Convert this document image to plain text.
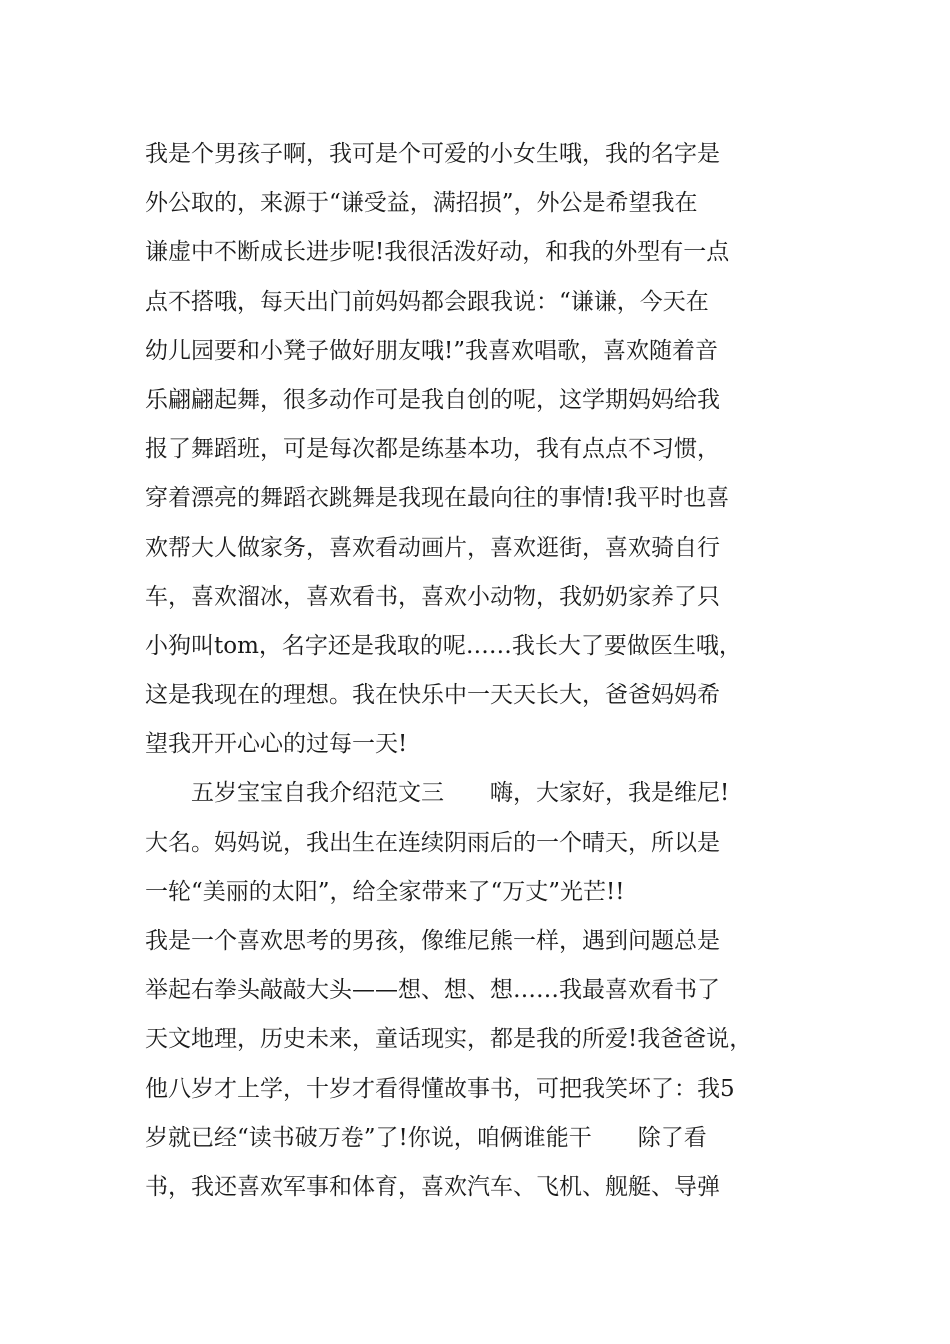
我是个男孩子啊，我可是个可爱的小女生哦，我的名字是
外公取的，来源于“谦受益，满招损”，外公是希望我在
谦虚中不断成长进步呢!我很活泼好动，和我的外型有一点
点不搭哦，每天出门前妈妈都会跟我说：“谦谦，今天在
幼儿园要和小凳子做好朋友哦!”我喜欢唱歌，喜欢随着音
乐翩翩起舞，很多动作可是我自创的呢，这学期妈妈给我
报了舞蹈班，可是每次都是练基本功，我有点点不习惯，
穿着漂亮的舞蹈衣跳舞是我现在最向往的事情!我平时也喜
欢帮大人做家务，喜欢看动画片，喜欢逛街，喜欢骑自行
车，喜欢溜冰，喜欢看书，喜欢小动物，我奶奶家养了只
小狗叫tom，名字还是我取的呢……我长大了要做医生哦，
这是我现在的理想。我在快乐中一天天长大，爸爸妈妈希
望我开开心心的过每一天!
　　五岁宝宝自我介绍范文三　　嗨，大家好，我是维尼!
大名。妈妈说，我出生在连续阴雨后的一个晴天，所以是
一轮“美丽的太阳”，给全家带来了“万丈”光芒!!
我是一个喜欢思考的男孩，像维尼熊一样，遇到问题总是
举起右拳头敲敲大头——想、想、想……我最喜欢看书了
天文地理，历史未来，童话现实，都是我的所爱!我爸爸说，
他八岁才上学，十岁才看得懂故事书，可把我笑坏了：我5
岁就已经“读书破万卷”了!你说，咱俩谁能干　　除了看
书，我还喜欢军事和体育，喜欢汽车、飞机、舰艇、导弹
